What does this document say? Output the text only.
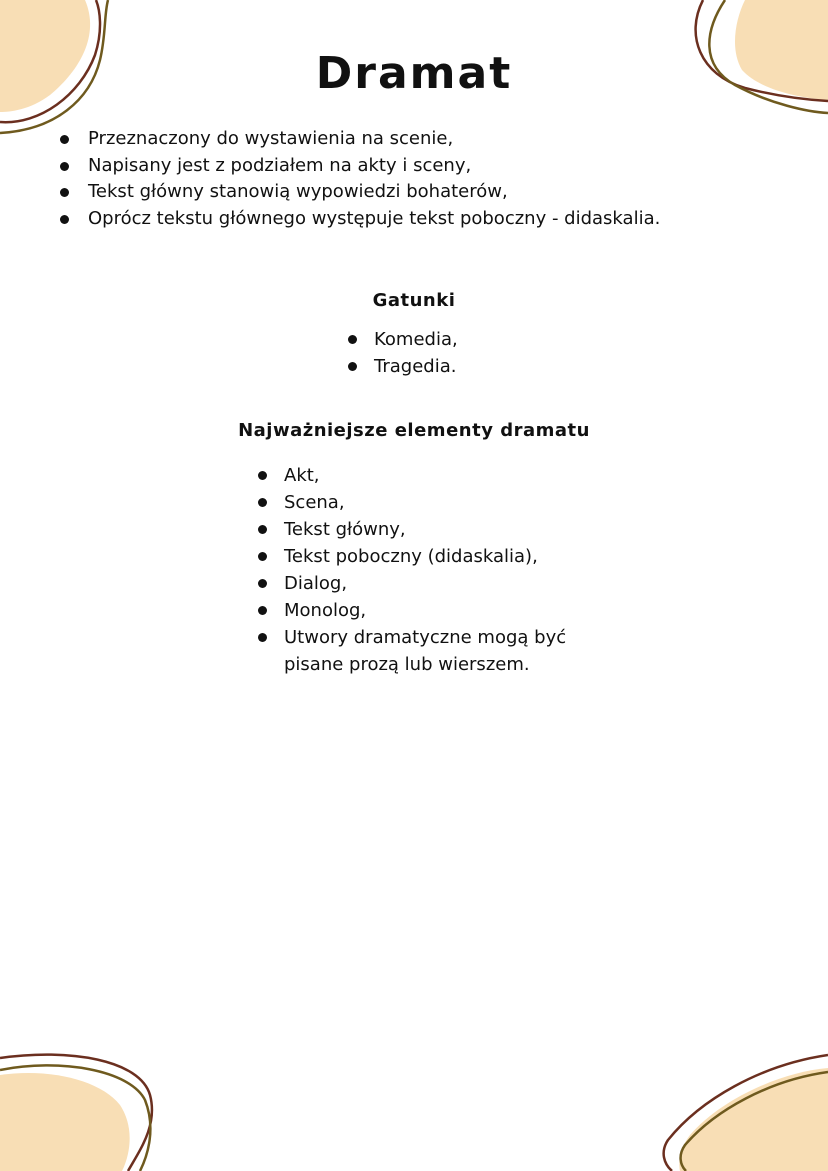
Dramat
Przeznaczony do wystawienia na scenie,
Napisany jest z podziałem na akty i sceny,
Tekst główny stanowią wypowiedzi bohaterów,
Oprócz tekstu głównego występuje tekst poboczny - didaskalia.
Gatunki
Komedia,
Tragedia.
Najważniejsze elementy dramatu
Akt,
Scena,
Tekst główny,
Tekst poboczny (didaskalia),
Dialog,
Monolog,
Utwory dramatyczne mogą być pisane prozą lub wierszem.
